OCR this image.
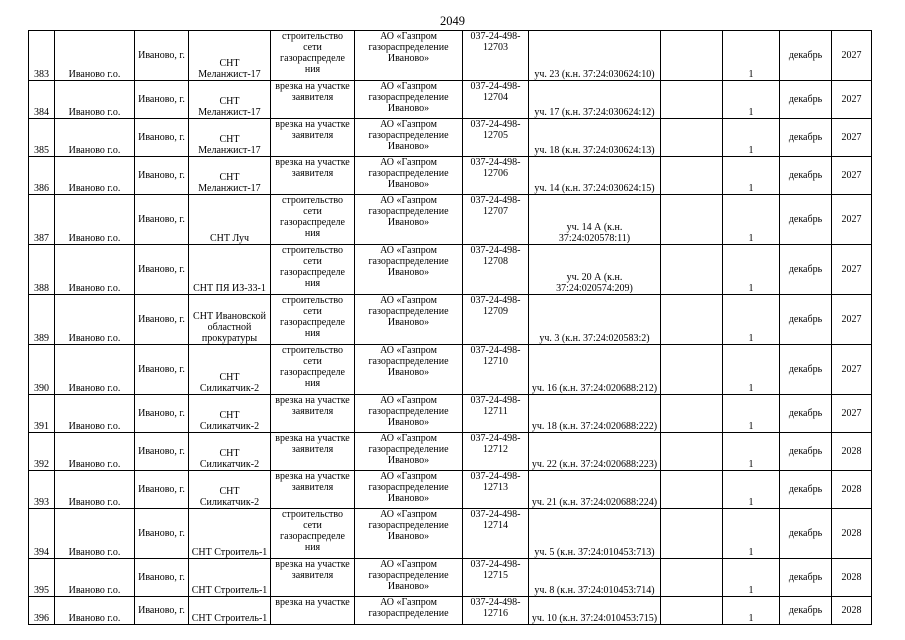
2049
383	Иваново г.о.	Иваново, г.	СНТ Меланжист-17	строительство сети газораспределе ния	АО «Газпром газораспределение Иваново»	037-24-498-12703	уч. 23 (к.н. 37:24:030624:10)		1	декабрь	2027
384	Иваново г.о.	Иваново, г.	СНТ Меланжист-17	врезка на участке заявителя	АО «Газпром газораспределение Иваново»	037-24-498-12704	уч. 17 (к.н. 37:24:030624:12)		1	декабрь	2027
385	Иваново г.о.	Иваново, г.	СНТ Меланжист-17	врезка на участке заявителя	АО «Газпром газораспределение Иваново»	037-24-498-12705	уч. 18 (к.н. 37:24:030624:13)		1	декабрь	2027
386	Иваново г.о.	Иваново, г.	СНТ Меланжист-17	врезка на участке заявителя	АО «Газпром газораспределение Иваново»	037-24-498-12706	уч. 14 (к.н. 37:24:030624:15)		1	декабрь	2027
387	Иваново г.о.	Иваново, г.	СНТ Луч	строительство сети газораспределе ния	АО «Газпром газораспределение Иваново»	037-24-498-12707	уч. 14 А (к.н. 37:24:020578:11)		1	декабрь	2027
388	Иваново г.о.	Иваново, г.	СНТ ПЯ ИЗ-33-1	строительство сети газораспределе ния	АО «Газпром газораспределение Иваново»	037-24-498-12708	уч. 20 А (к.н. 37:24:020574:209)		1	декабрь	2027
389	Иваново г.о.	Иваново, г.	СНТ Ивановской областной прокуратуры	строительство сети газораспределе ния	АО «Газпром газораспределение Иваново»	037-24-498-12709	уч. 3 (к.н. 37:24:020583:2)		1	декабрь	2027
390	Иваново г.о.	Иваново, г.	СНТ Силикатчик-2	строительство сети газораспределе ния	АО «Газпром газораспределение Иваново»	037-24-498-12710	уч. 16 (к.н. 37:24:020688:212)		1	декабрь	2027
391	Иваново г.о.	Иваново, г.	СНТ Силикатчик-2	врезка на участке заявителя	АО «Газпром газораспределение Иваново»	037-24-498-12711	уч. 18 (к.н. 37:24:020688:222)		1	декабрь	2027
392	Иваново г.о.	Иваново, г.	СНТ Силикатчик-2	врезка на участке заявителя	АО «Газпром газораспределение Иваново»	037-24-498-12712	уч. 22 (к.н. 37:24:020688:223)		1	декабрь	2028
393	Иваново г.о.	Иваново, г.	СНТ Силикатчик-2	врезка на участке заявителя	АО «Газпром газораспределение Иваново»	037-24-498-12713	уч. 21 (к.н. 37:24:020688:224)		1	декабрь	2028
394	Иваново г.о.	Иваново, г.	СНТ Строитель-1	строительство сети газораспределе ния	АО «Газпром газораспределение Иваново»	037-24-498-12714	уч. 5 (к.н. 37:24:010453:713)		1	декабрь	2028
395	Иваново г.о.	Иваново, г.	СНТ Строитель-1	врезка на участке заявителя	АО «Газпром газораспределение Иваново»	037-24-498-12715	уч. 8 (к.н. 37:24:010453:714)		1	декабрь	2028
396	Иваново г.о.	Иваново, г.	СНТ Строитель-1	врезка на участке	АО «Газпром газораспределение	037-24-498-12716	уч. 10 (к.н. 37:24:010453:715)		1	декабрь	2028
